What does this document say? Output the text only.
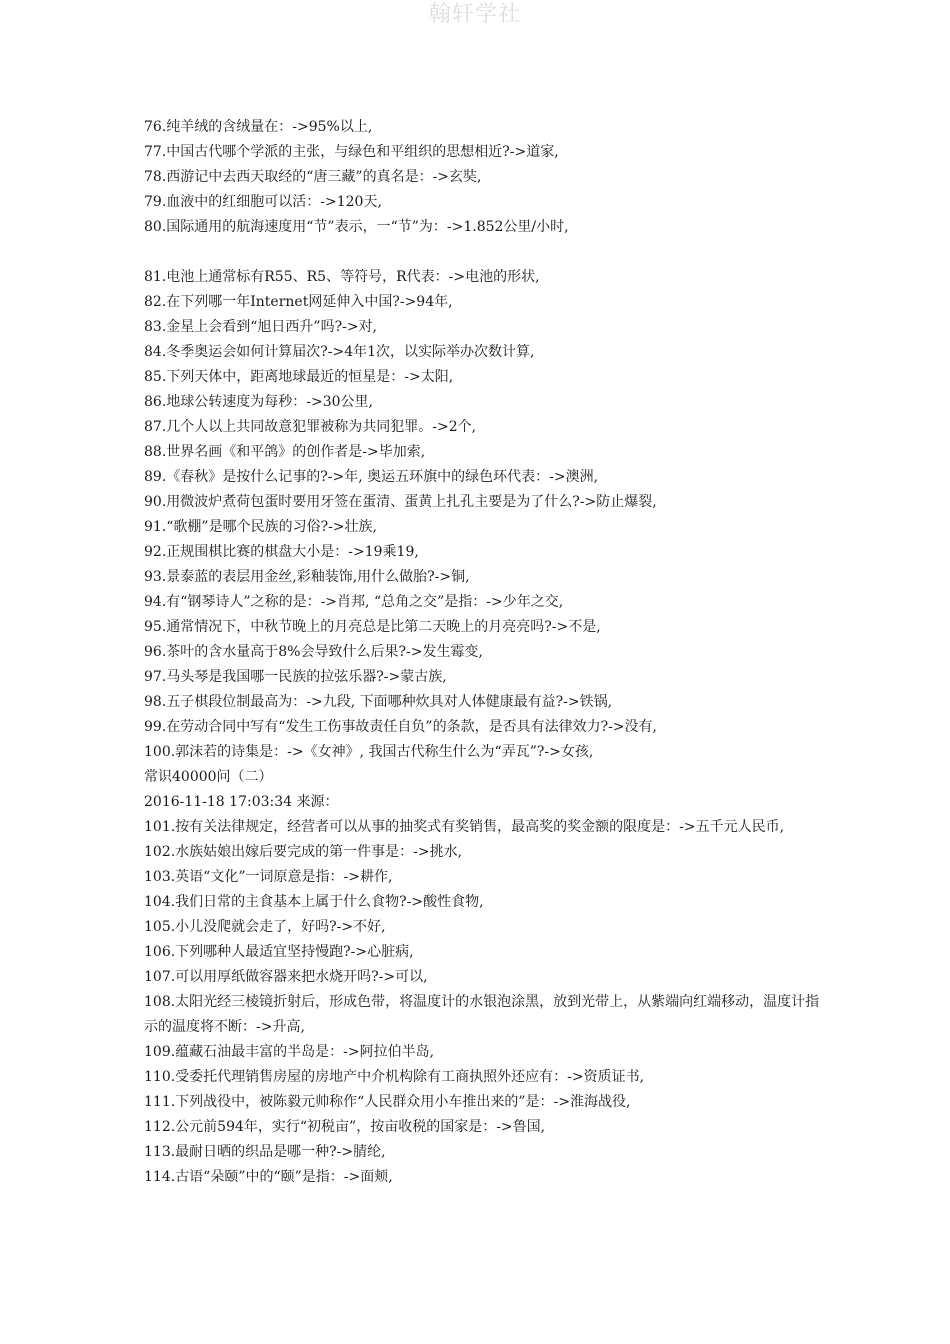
翰轩学社
76.纯羊绒的含绒量在：->95%以上,
77.中国古代哪个学派的主张，与绿色和平组织的思想相近?->道家,
78.西游记中去西天取经的“唐三藏”的真名是：->玄奘,
79.血液中的红细胞可以活：->120天,
80.国际通用的航海速度用“节”表示，一“节”为：->1.852公里/小时,
81.电池上通常标有R55、R5、等符号，R代表：->电池的形状,
82.在下列哪一年Internet网延伸入中国?->94年,
83.金星上会看到“旭日西升”吗?->对,
84.冬季奥运会如何计算届次?->4年1次，以实际举办次数计算,
85.下列天体中，距离地球最近的恒星是：->太阳,
86.地球公转速度为每秒：->30公里,
87.几个人以上共同故意犯罪被称为共同犯罪。->2个,
88.世界名画《和平鸽》的创作者是->毕加索,
89.《春秋》是按什么记事的?->年, 奥运五环旗中的绿色环代表：->澳洲,
90.用微波炉煮荷包蛋时要用牙签在蛋清、蛋黄上扎孔主要是为了什么?->防止爆裂,
91.“歌棚”是哪个民族的习俗?->壮族,
92.正规围棋比赛的棋盘大小是：->19乘19,
93.景泰蓝的表层用金丝,彩釉装饰,用什么做胎?->铜,
94.有“钢琴诗人”之称的是：->肖邦, “总角之交”是指：->少年之交,
95.通常情况下，中秋节晚上的月亮总是比第二天晚上的月亮亮吗?->不是,
96.茶叶的含水量高于8%会导致什么后果?->发生霉变,
97.马头琴是我国哪一民族的拉弦乐器?->蒙古族,
98.五子棋段位制最高为：->九段, 下面哪种炊具对人体健康最有益?->铁锅,
99.在劳动合同中写有“发生工伤事故责任自负”的条款，是否具有法律效力?->没有,
100.郭沫若的诗集是：->《女神》, 我国古代称生什么为“弄瓦”?->女孩,
常识40000问（二）
2016-11-18 17:03:34 来源：
101.按有关法律规定，经营者可以从事的抽奖式有奖销售，最高奖的奖金额的限度是：->五千元人民币,
102.水族姑娘出嫁后要完成的第一件事是：->挑水,
103.英语“文化”一词原意是指：->耕作,
104.我们日常的主食基本上属于什么食物?->酸性食物,
105.小儿没爬就会走了，好吗?->不好,
106.下列哪种人最适宜坚持慢跑?->心脏病,
107.可以用厚纸做容器来把水烧开吗?->可以,
108.太阳光经三棱镜折射后，形成色带，将温度计的水银泡涂黑，放到光带上，从紫端向红端移动，温度计指示的温度将不断：->升高,
109.蕴藏石油最丰富的半岛是：->阿拉伯半岛,
110.受委托代理销售房屋的房地产中介机构除有工商执照外还应有：->资质证书,
111.下列战役中，被陈毅元帅称作“人民群众用小车推出来的”是：->淮海战役,
112.公元前594年，实行“初税亩”，按亩收税的国家是：->鲁国,
113.最耐日晒的织品是哪一种?->腈纶,
114.古语“朵颐”中的“颐”是指：->面颊,
